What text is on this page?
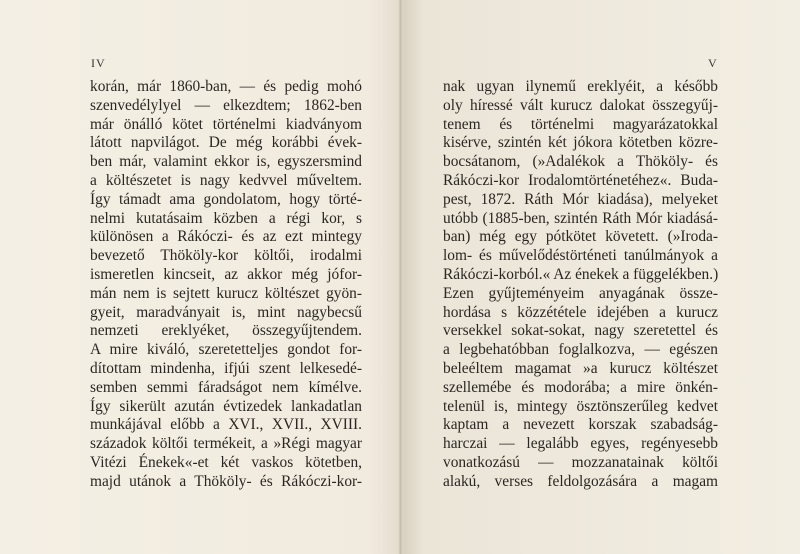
IV
korán, már 1860-ban, — és pedig mohó
szenvedélylyel — elkezdtem; 1862-ben
már önálló kötet történelmi kiadványom
látott napvilágot. De még korábbi évek-
ben már, valamint ekkor is, egyszersmind
a költészetet is nagy kedvvel műveltem.
Így támadt ama gondolatom, hogy törté-
nelmi kutatásaim közben a régi kor, s
különösen a Rákóczi- és az ezt mintegy
bevezető Thököly-kor költői, irodalmi
ismeretlen kincseit, az akkor még jófor-
mán nem is sejtett kurucz költészet gyön-
gyeit, maradványait is, mint nagybecsű
nemzeti ereklyéket, összegyűjtendem.
A mire kiváló, szeretetteljes gondot for-
dítottam mindenha, ifjúi szent lelkesedé-
semben semmi fáradságot nem kímélve.
Így sikerült azután évtizedek lankadatlan
munkájával előbb a XVI., XVII., XVIII.
századok költői termékeit, a »Régi magyar
Vitézi Énekek«-et két vaskos kötetben,
majd utánok a Thököly- és Rákóczi-kor-
V
nak ugyan ilynemű ereklyéit, a később
oly híressé vált kurucz dalokat összegyűj-
tenem és történelmi magyarázatokkal
kisérve, szintén két jókora kötetben közre-
bocsátanom, (»Adalékok a Thököly- és
Rákóczi-kor Irodalomtörténetéhez«. Buda-
pest, 1872. Ráth Mór kiadása), melyeket
utóbb (1885-ben, szintén Ráth Mór kiadásá-
ban) még egy pótkötet követett. (»Iroda-
lom- és művelődéstörténeti tanúlmányok a
Rákóczi-korból.« Az énekek a függelékben.)
Ezen gyűjteményeim anyagának össze-
hordása s közzététele idejében a kurucz
versekkel sokat-sokat, nagy szeretettel és
a legbehatóbban foglalkozva, — egészen
beleéltem magamat »a kurucz költészet
szellemébe és modorába; a mire önkén-
telenül is, mintegy ösztönszerűleg kedvet
kaptam a nevezett korszak szabadság-
harczai — legalább egyes, regényesebb
vonatkozású — mozzanatainak költői
alakú, verses feldolgozására a magam
